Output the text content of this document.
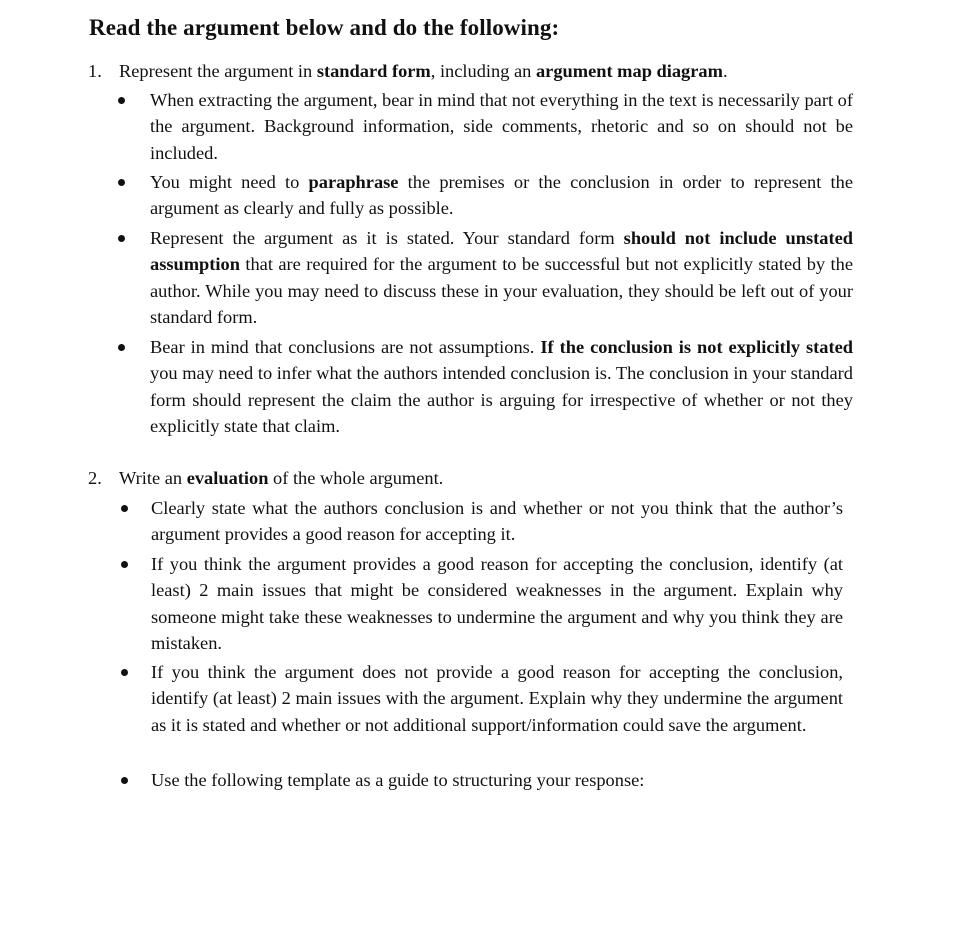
Read the argument below and do the following:
1. Represent the argument in standard form, including an argument map diagram.

When extracting the argument, bear in mind that not everything in the text is necessarily part of the argument. Background information, side comments, rhetoric and so on should not be included.

You might need to paraphrase the premises or the conclusion in order to represent the argument as clearly and fully as possible.

Represent the argument as it is stated. Your standard form should not include unstated assumption that are required for the argument to be successful but not explicitly stated by the author. While you may need to discuss these in your evaluation, they should be left out of your standard form.

Bear in mind that conclusions are not assumptions. If the conclusion is not explicitly stated you may need to infer what the authors intended conclusion is. The conclusion in your standard form should represent the claim the author is arguing for irrespective of whether or not they explicitly state that claim.

2. Write an evaluation of the whole argument.

Clearly state what the authors conclusion is and whether or not you think that the author’s argument provides a good reason for accepting it.

If you think the argument provides a good reason for accepting the conclusion, identify (at least) 2 main issues that might be considered weaknesses in the argument. Explain why someone might take these weaknesses to undermine the argument and why you think they are mistaken.

If you think the argument does not provide a good reason for accepting the conclusion, identify (at least) 2 main issues with the argument. Explain why they undermine the argument as it is stated and whether or not additional support/information could save the argument.

Use the following template as a guide to structuring your response:
